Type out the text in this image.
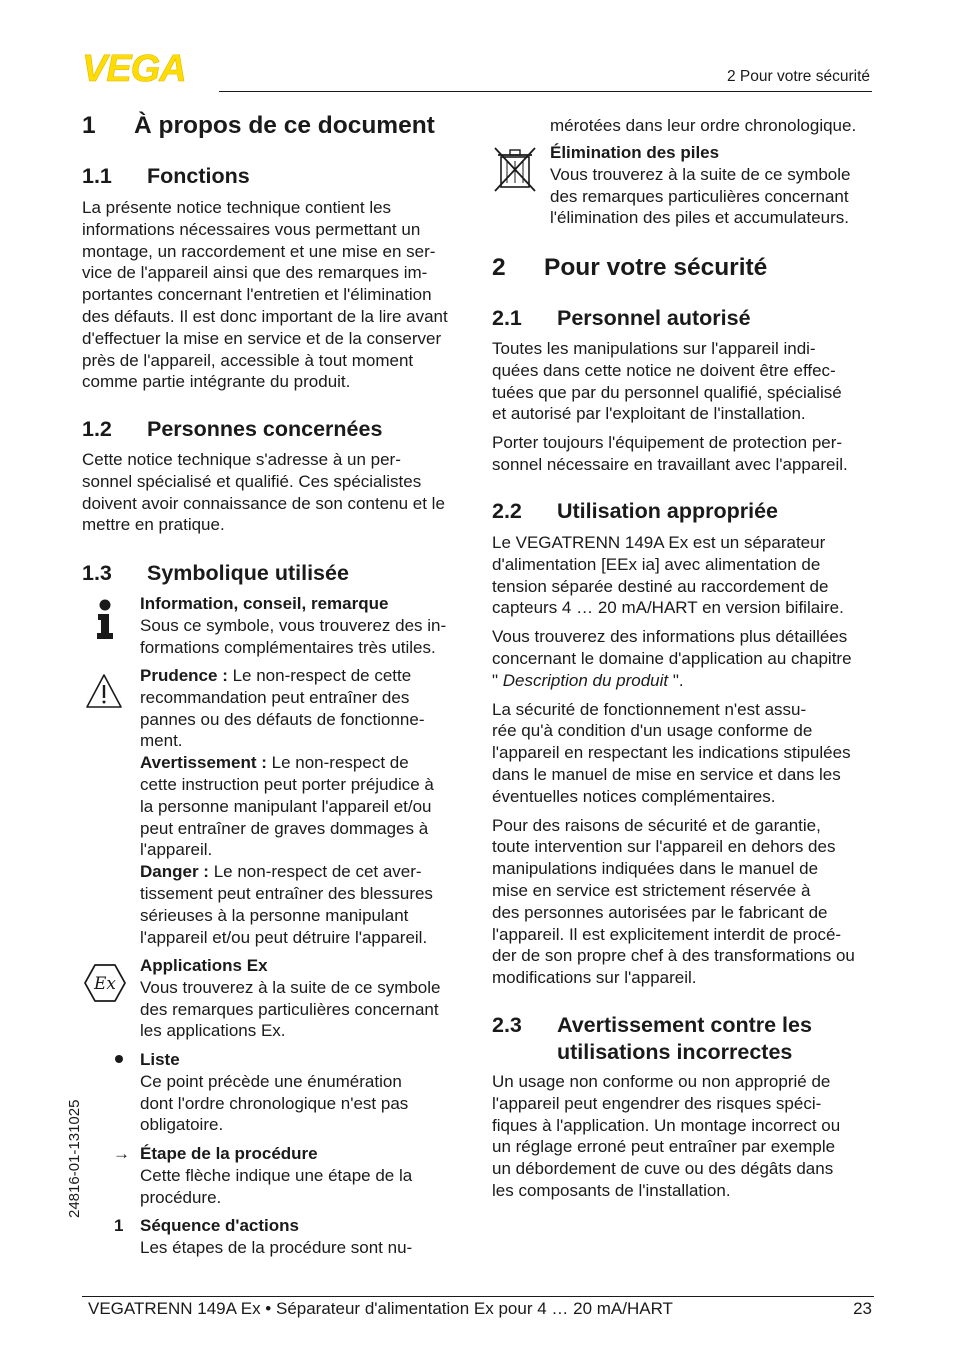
VEGA	2 Pour votre sécurité
1 À propos de ce document
1.1 Fonctions
La présente notice technique contient les
informations nécessaires vous permettant un
montage, un raccordement et une mise en ser-
vice de l'appareil ainsi que des remarques im-
portantes concernant l'entretien et l'élimination
des défauts. Il est donc important de la lire avant
d'effectuer la mise en service et de la conserver
près de l'appareil, accessible à tout moment
comme partie intégrante du produit.
1.2 Personnes concernées
Cette notice technique s'adresse à un per-
sonnel spécialisé et qualifié. Ces spécialistes
doivent avoir connaissance de son contenu et le
mettre en pratique.
1.3 Symbolique utilisée
Information, conseil, remarque
Sous ce symbole, vous trouverez des in-
formations complémentaires très utiles.
Prudence : Le non-respect de cette
recommandation peut entraîner des
pannes ou des défauts de fonctionne-
ment.
Avertissement : Le non-respect de
cette instruction peut porter préjudice à
la personne manipulant l'appareil et/ou
peut entraîner de graves dommages à
l'appareil.
Danger : Le non-respect de cet aver-
tissement peut entraîner des blessures
sérieuses à la personne manipulant
l'appareil et/ou peut détruire l'appareil.
Ex
Applications Ex
Vous trouverez à la suite de ce symbole
des remarques particulières concernant
les applications Ex.
Liste
Ce point précède une énumération
dont l'ordre chronologique n'est pas
obligatoire.
→ Étape de la procédure
Cette flèche indique une étape de la
procédure.
1 Séquence d'actions
Les étapes de la procédure sont nu-
mérotées dans leur ordre chronologique.
Élimination des piles
Vous trouverez à la suite de ce symbole
des remarques particulières concernant
l'élimination des piles et accumulateurs.
2 Pour votre sécurité
2.1 Personnel autorisé
Toutes les manipulations sur l'appareil indi-
quées dans cette notice ne doivent être effec-
tuées que par du personnel qualifié, spécialisé
et autorisé par l'exploitant de l'installation.
Porter toujours l'équipement de protection per-
sonnel nécessaire en travaillant avec l'appareil.
2.2 Utilisation appropriée
Le VEGATRENN 149A Ex est un séparateur
d'alimentation [EEx ia] avec alimentation de
tension séparée destiné au raccordement de
capteurs 4 … 20 mA/HART en version bifilaire.
Vous trouverez des informations plus détaillées
concernant le domaine d'application au chapitre
" Description du produit ".
La sécurité de fonctionnement n'est assu-
rée qu'à condition d'un usage conforme de
l'appareil en respectant les indications stipulées
dans le manuel de mise en service et dans les
éventuelles notices complémentaires.
Pour des raisons de sécurité et de garantie,
toute intervention sur l'appareil en dehors des
manipulations indiquées dans le manuel de
mise en service est strictement réservée à
des personnes autorisées par le fabricant de
l'appareil. Il est explicitement interdit de procé-
der de son propre chef à des transformations ou
modifications sur l'appareil.
2.3 Avertissement contre les
utilisations incorrectes
Un usage non conforme ou non approprié de
l'appareil peut engendrer des risques spéci-
fiques à l'application. Un montage incorrect ou
un réglage erroné peut entraîner par exemple
un débordement de cuve ou des dégâts dans
les composants de l'installation.
24816-01-131025
VEGATRENN 149A Ex • Séparateur d'alimentation Ex pour 4 … 20 mA/HART	23
